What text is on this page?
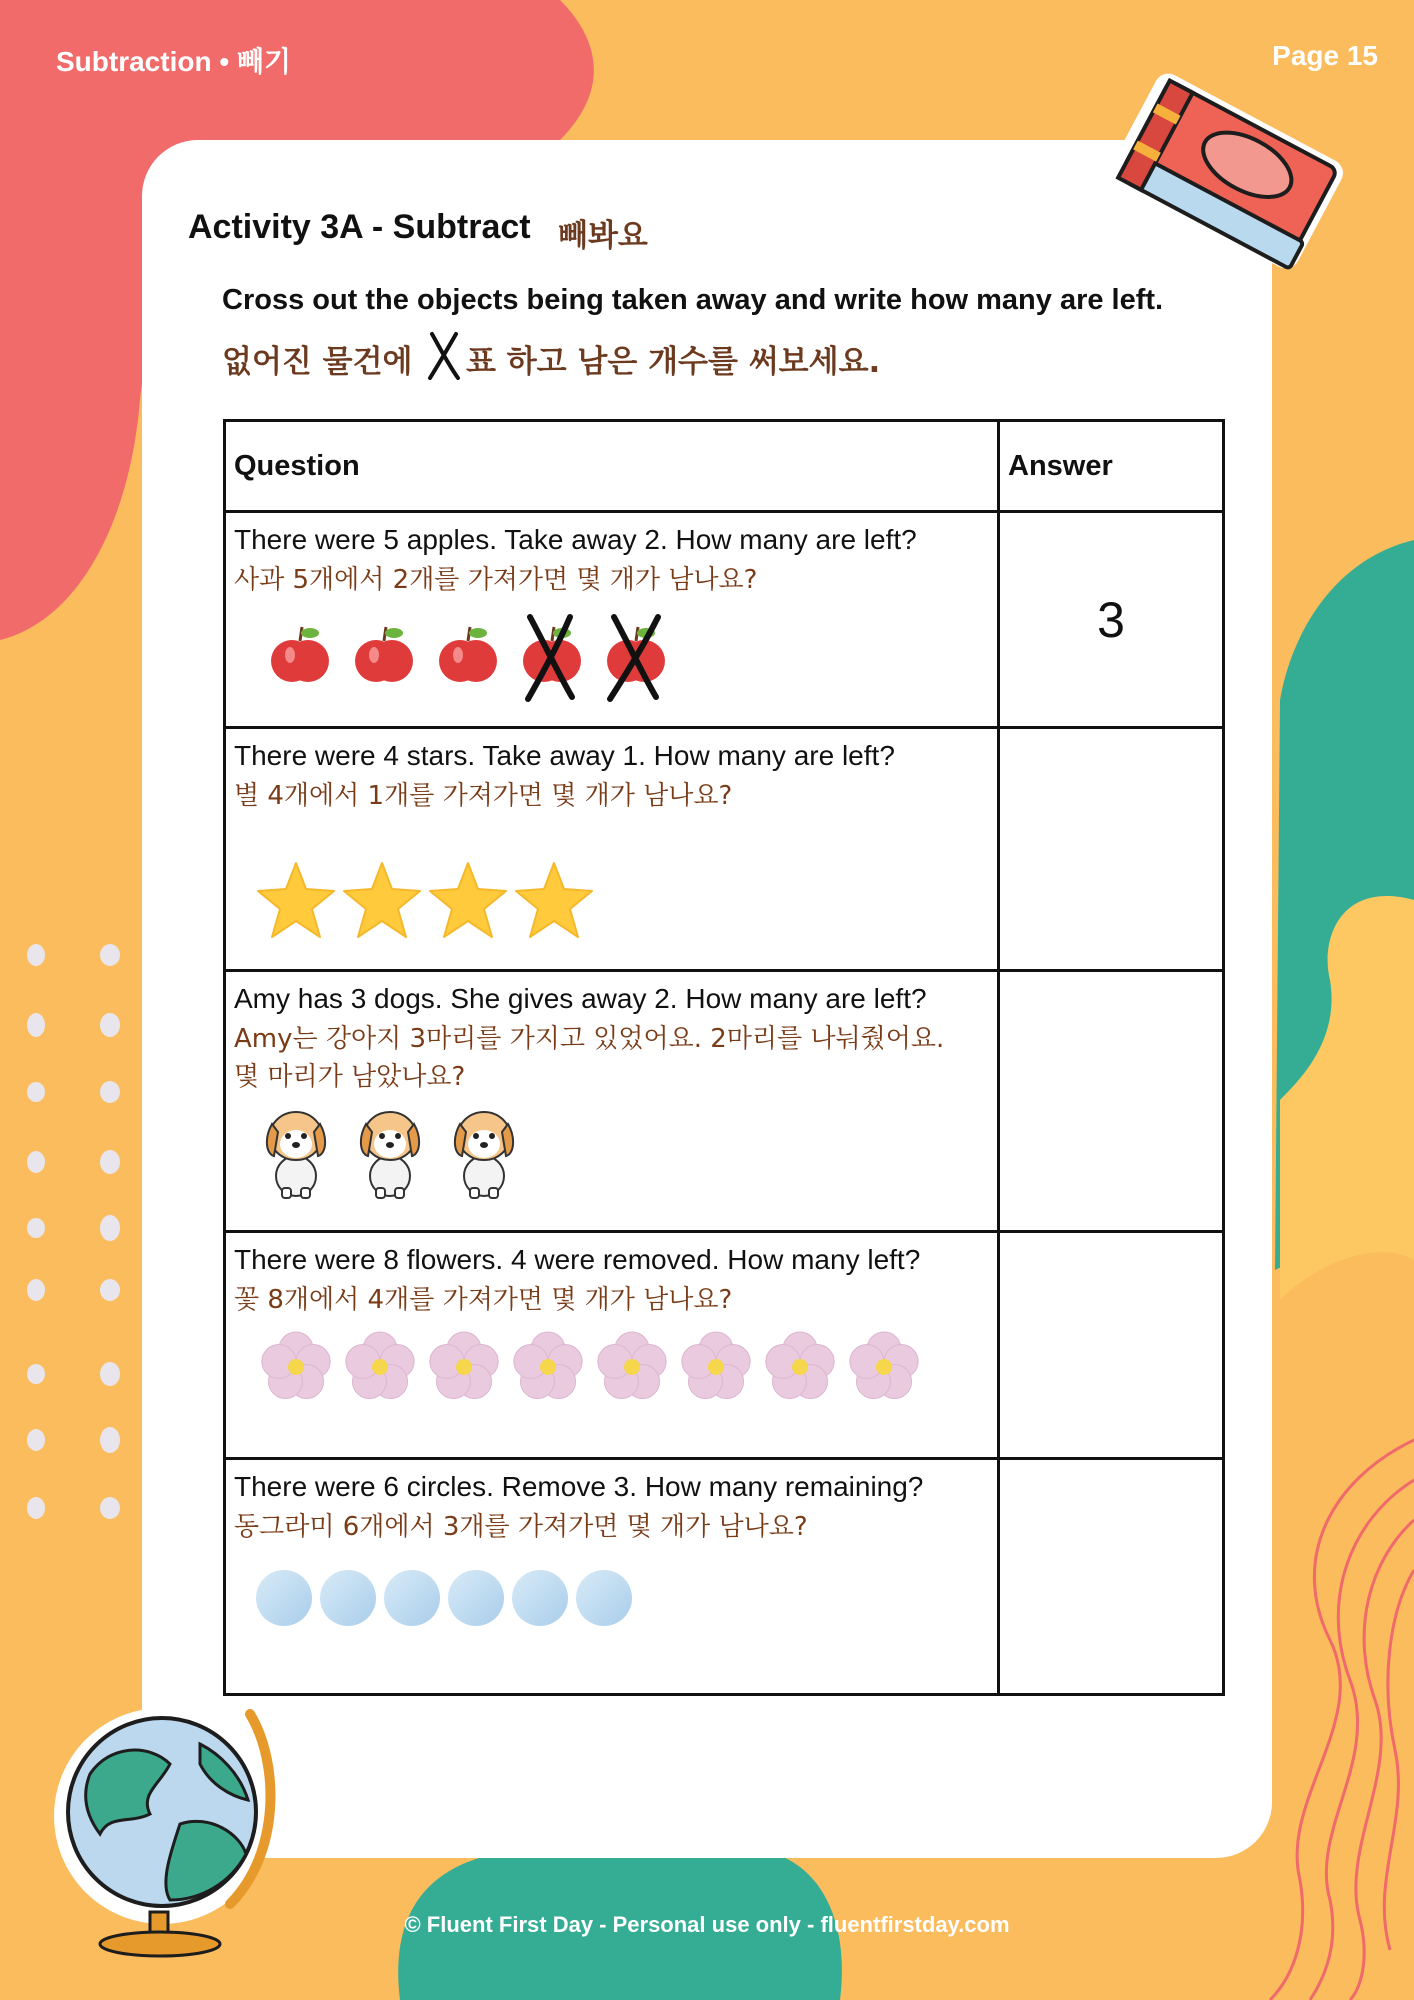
Subtraction • 빼기	Page 15
Activity 3A - Subtract 빼봐요
Cross out the objects being taken away and write how many are left.
없어진 물건에 표 하고 남은 개수를 써보세요.
Question	Answer

There were 5 apples. Take away 2. How many are left?
사과 5개에서 2개를 가져가면 몇 개가 남나요?	3

There were 4 stars. Take away 1. How many are left?
별 4개에서 1개를 가져가면 몇 개가 남나요?	

Amy has 3 dogs. She gives away 2. How many are left?
Amy는 강아지 3마리를 가지고 있었어요. 2마리를 나눠줬어요.
몇 마리가 남았나요?	

There were 8 flowers. 4 were removed. How many left?
꽃 8개에서 4개를 가져가면 몇 개가 남나요?	

There were 6 circles. Remove 3. How many remaining?
동그라미 6개에서 3개를 가져가면 몇 개가 남나요?	

© Fluent First Day - Personal use only - fluentfirstday.com
